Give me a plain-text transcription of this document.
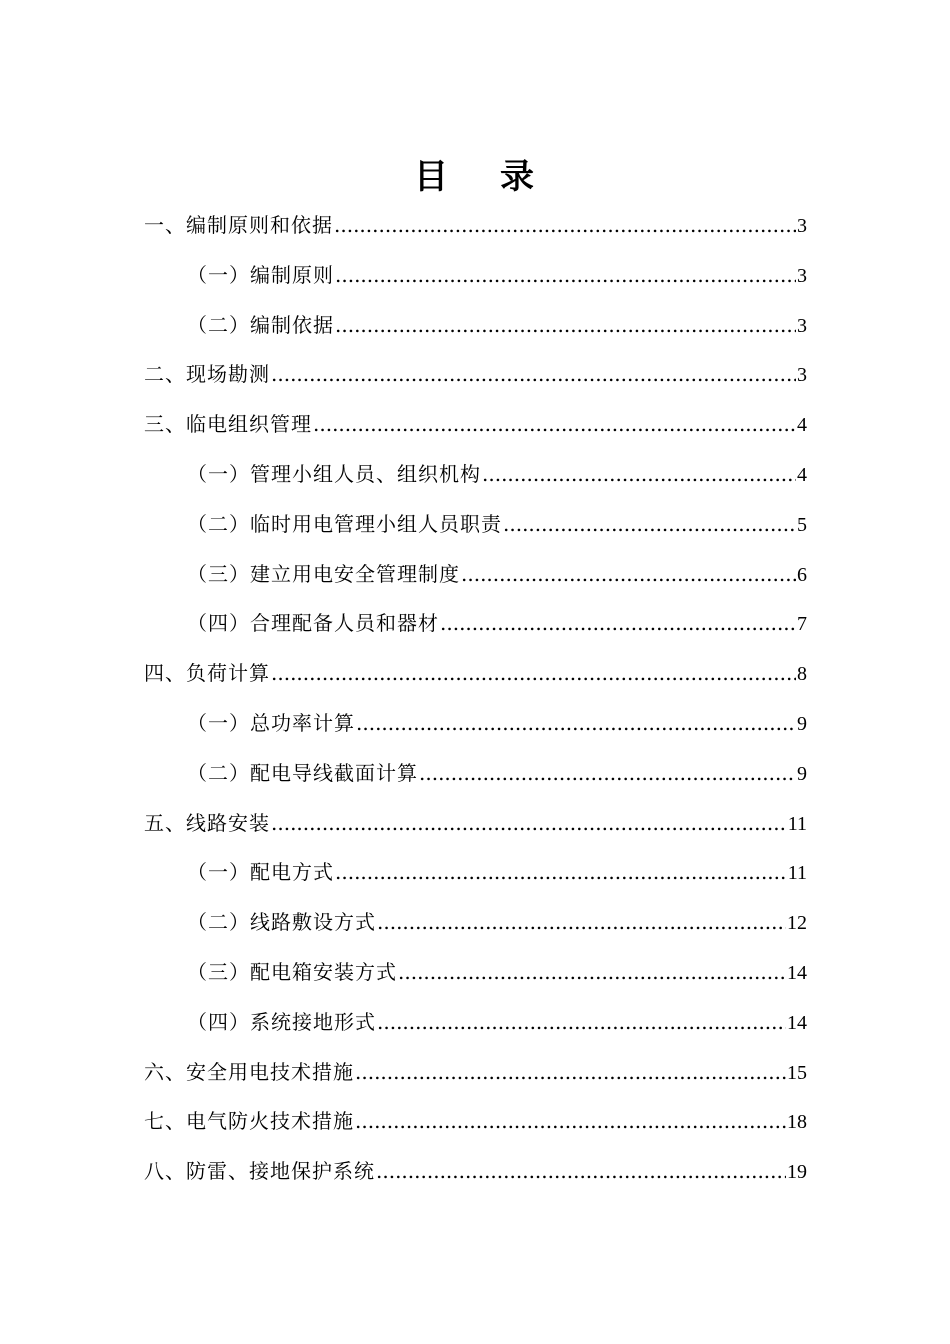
目 录
一、编制原则和依据 .....	3
（一）编制原则 .....	3
（二）编制依据 .....	3
二、现场勘测 .....	3
三、临电组织管理 .....	4
（一）管理小组人员、组织机构 .....	4
（二）临时用电管理小组人员职责 .....	5
（三）建立用电安全管理制度 .....	6
（四）合理配备人员和器材 .....	7
四、负荷计算 .....	8
（一）总功率计算 .....	9
（二）配电导线截面计算 .....	9
五、线路安装 .....	11
（一）配电方式 .....	11
（二）线路敷设方式 .....	12
（三）配电箱安装方式 .....	14
（四）系统接地形式 .....	14
六、安全用电技术措施 .....	15
七、电气防火技术措施 .....	18
八、防雷、接地保护系统 .....	19
